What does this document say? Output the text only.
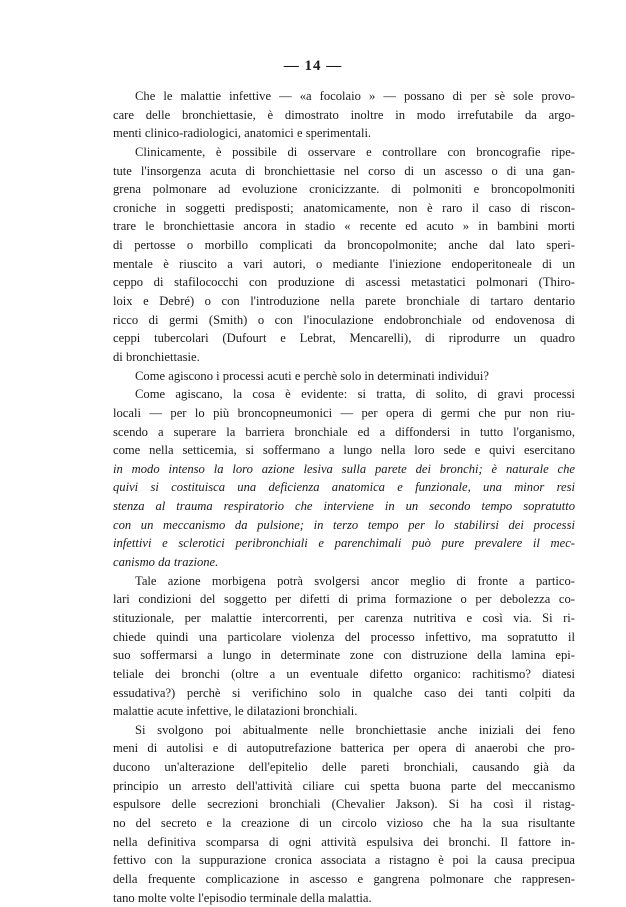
— 14 —
Che le malattie infettive — «a focolaio » — possano di per sè sole provo-
care delle bronchiettasie, è dimostrato inoltre in modo irrefutabile da argo-
menti clinico-radiologici, anatomici e sperimentali.
Clinicamente, è possibile di osservare e controllare con broncografie ripe-
tute l'insorgenza acuta di bronchiettasie nel corso di un ascesso o di una gan-
grena polmonare ad evoluzione cronicizzante. di polmoniti e broncopolmoniti
croniche in soggetti predisposti; anatomicamente, non è raro il caso di riscon-
trare le bronchiettasie ancora in stadio « recente ed acuto » in bambini morti
di pertosse o morbillo complicati da broncopolmonite; anche dal lato speri-
mentale è riuscito a vari autori, o mediante l'iniezione endoperitoneale di un
ceppo di stafilococchi con produzione di ascessi metastatici polmonari (Thiro-
loix e Debré) o con l'introduzione nella parete bronchiale di tartaro dentario
ricco di germi (Smith) o con l'inoculazione endobronchiale od endovenosa di
ceppi tubercolari (Dufourt e Lebrat, Mencarelli), di riprodurre un quadro
di bronchiettasie.
Come agiscono i processi acuti e perchè solo in determinati individui?
Come agiscano, la cosa è evidente: si tratta, di solito, di gravi processi
locali — per lo più broncopneumonici — per opera di germi che pur non riu-
scendo a superare la barriera bronchiale ed a diffondersi in tutto l'organismo,
come nella setticemia, si soffermano a lungo nella loro sede e quivi esercitano
in modo intenso la loro azione lesiva sulla parete dei bronchi; è naturale che
quivi si costituisca una deficienza anatomica e funzionale, una minor resi
stenza al trauma respiratorio che interviene in un secondo tempo sopratutto
con un meccanismo da pulsione; in terzo tempo per lo stabilirsi dei processi
infettivi e sclerotici peribronchiali e parenchimali può pure prevalere il mec-
canismo da trazione.
Tale azione morbigena potrà svolgersi ancor meglio di fronte a partico-
lari condizioni del soggetto per difetti di prima formazione o per debolezza co-
stituzionale, per malattie intercorrenti, per carenza nutritiva e così via. Si ri-
chiede quindi una particolare violenza del processo infettivo, ma sopratutto il
suo soffermarsi a lungo in determinate zone con distruzione della lamina epi-
teliale dei bronchi (oltre a un eventuale difetto organico: rachitismo? diatesi
essudativa?) perchè si verifichino solo in qualche caso dei tanti colpiti da
malattie acute infettive, le dilatazioni bronchiali.
Si svolgono poi abitualmente nelle bronchiettasie anche iniziali dei feno
meni di autolisi e di autoputrefazione batterica per opera di anaerobi che pro-
ducono un'alterazione dell'epitelio delle pareti bronchiali, causando già da
principio un arresto dell'attività ciliare cui spetta buona parte del meccanismo
espulsore delle secrezioni bronchiali (Chevalier Jakson). Si ha così il ristag-
no del secreto e la creazione di un circolo vizioso che ha la sua risultante
nella definitiva scomparsa di ogni attività espulsiva dei bronchi. Il fattore in-
fettivo con la suppurazione cronica associata a ristagno è poi la causa precipua
della frequente complicazione in ascesso e gangrena polmonare che rappresen-
tano molte volte l'episodio terminale della malattia.
